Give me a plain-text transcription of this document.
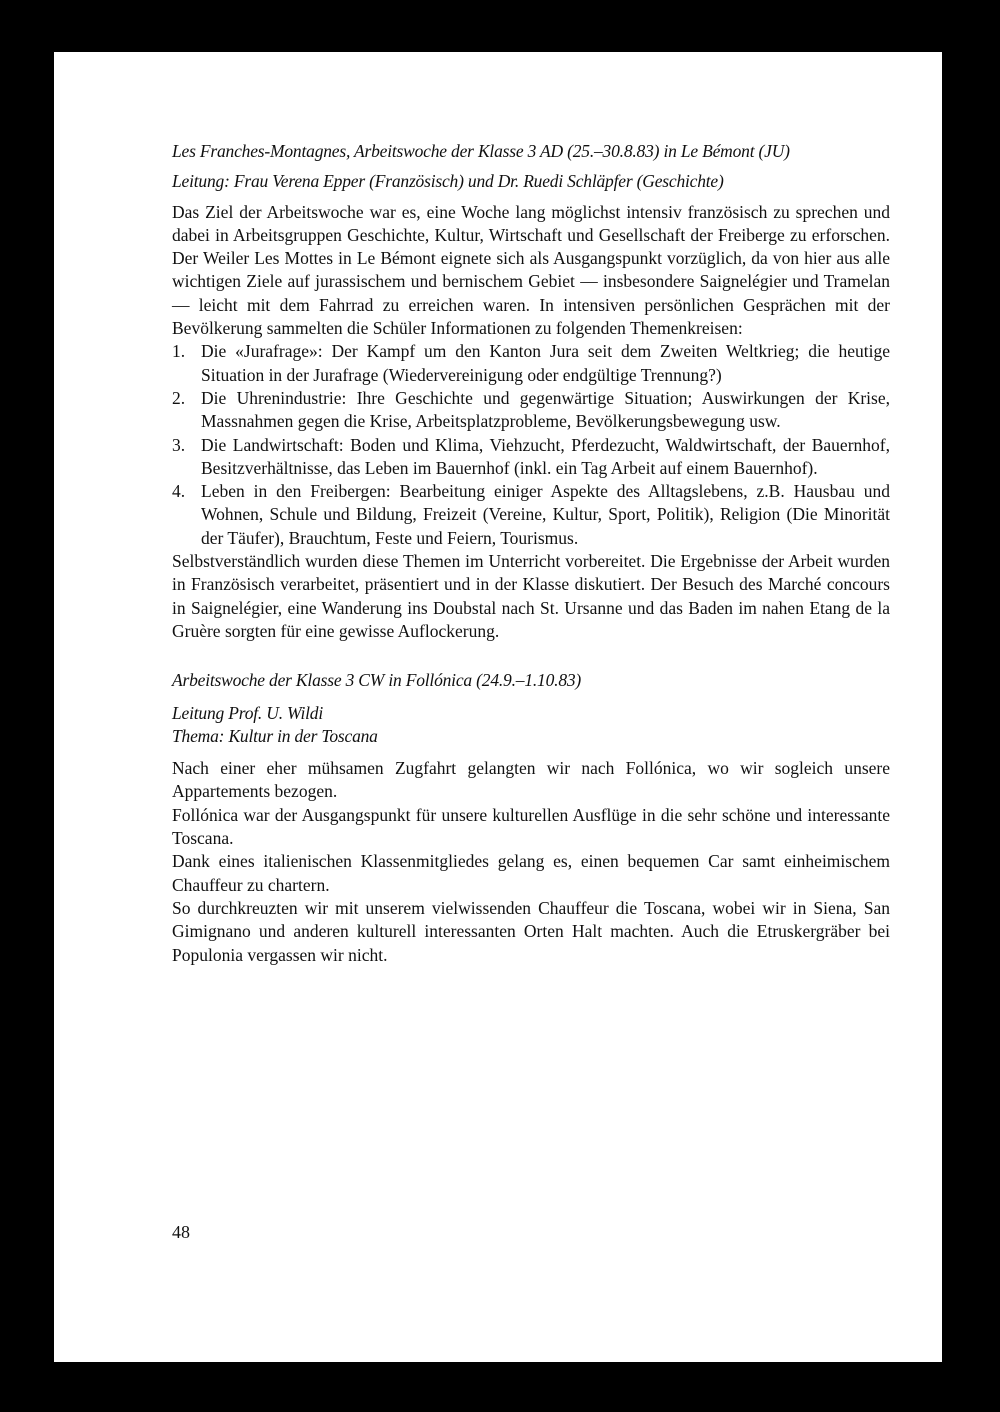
Les Franches-Montagnes, Arbeitswoche der Klasse 3 AD (25.–30.8.83) in Le Bémont (JU)

Leitung: Frau Verena Epper (Französisch) und Dr. Ruedi Schläpfer (Geschichte)

Das Ziel der Arbeitswoche war es, eine Woche lang möglichst intensiv französisch zu sprechen und dabei in Arbeitsgruppen Geschichte, Kultur, Wirtschaft und Gesellschaft der Freiberge zu erforschen. Der Weiler Les Mottes in Le Bémont eignete sich als Ausgangspunkt vorzüglich, da von hier aus alle wichtigen Ziele auf jurassischem und bernischem Gebiet — insbesondere Saignelégier und Tramelan — leicht mit dem Fahrrad zu erreichen waren. In intensiven persönlichen Gesprächen mit der Bevölkerung sammelten die Schüler Informationen zu folgenden Themenkreisen:

1. Die «Jurafrage»: Der Kampf um den Kanton Jura seit dem Zweiten Weltkrieg; die heutige Situation in der Jurafrage (Wiedervereinigung oder endgültige Trennung?)
2. Die Uhrenindustrie: Ihre Geschichte und gegenwärtige Situation; Auswirkungen der Krise, Massnahmen gegen die Krise, Arbeitsplatzprobleme, Bevölkerungsbewegung usw.
3. Die Landwirtschaft: Boden und Klima, Viehzucht, Pferdezucht, Waldwirtschaft, der Bauernhof, Besitzverhältnisse, das Leben im Bauernhof (inkl. ein Tag Arbeit auf einem Bauernhof).
4. Leben in den Freibergen: Bearbeitung einiger Aspekte des Alltagslebens, z.B. Hausbau und Wohnen, Schule und Bildung, Freizeit (Vereine, Kultur, Sport, Politik), Religion (Die Minorität der Täufer), Brauchtum, Feste und Feiern, Tourismus.

Selbstverständlich wurden diese Themen im Unterricht vorbereitet. Die Ergebnisse der Arbeit wurden in Französisch verarbeitet, präsentiert und in der Klasse diskutiert. Der Besuch des Marché concours in Saignelégier, eine Wanderung ins Doubstal nach St. Ursanne und das Baden im nahen Etang de la Gruère sorgten für eine gewisse Auflockerung.

Arbeitswoche der Klasse 3 CW in Follónica (24.9.–1.10.83)

Leitung Prof. U. Wildi

Thema: Kultur in der Toscana

Nach einer eher mühsamen Zugfahrt gelangten wir nach Follónica, wo wir sogleich unsere Appartements bezogen.

Follónica war der Ausgangspunkt für unsere kulturellen Ausflüge in die sehr schöne und interessante Toscana.

Dank eines italienischen Klassenmitgliedes gelang es, einen bequemen Car samt einheimischem Chauffeur zu chartern.

So durchkreuzten wir mit unserem vielwissenden Chauffeur die Toscana, wobei wir in Siena, San Gimignano und anderen kulturell interessanten Orten Halt machten. Auch die Etruskergräber bei Populonia vergassen wir nicht.

48
